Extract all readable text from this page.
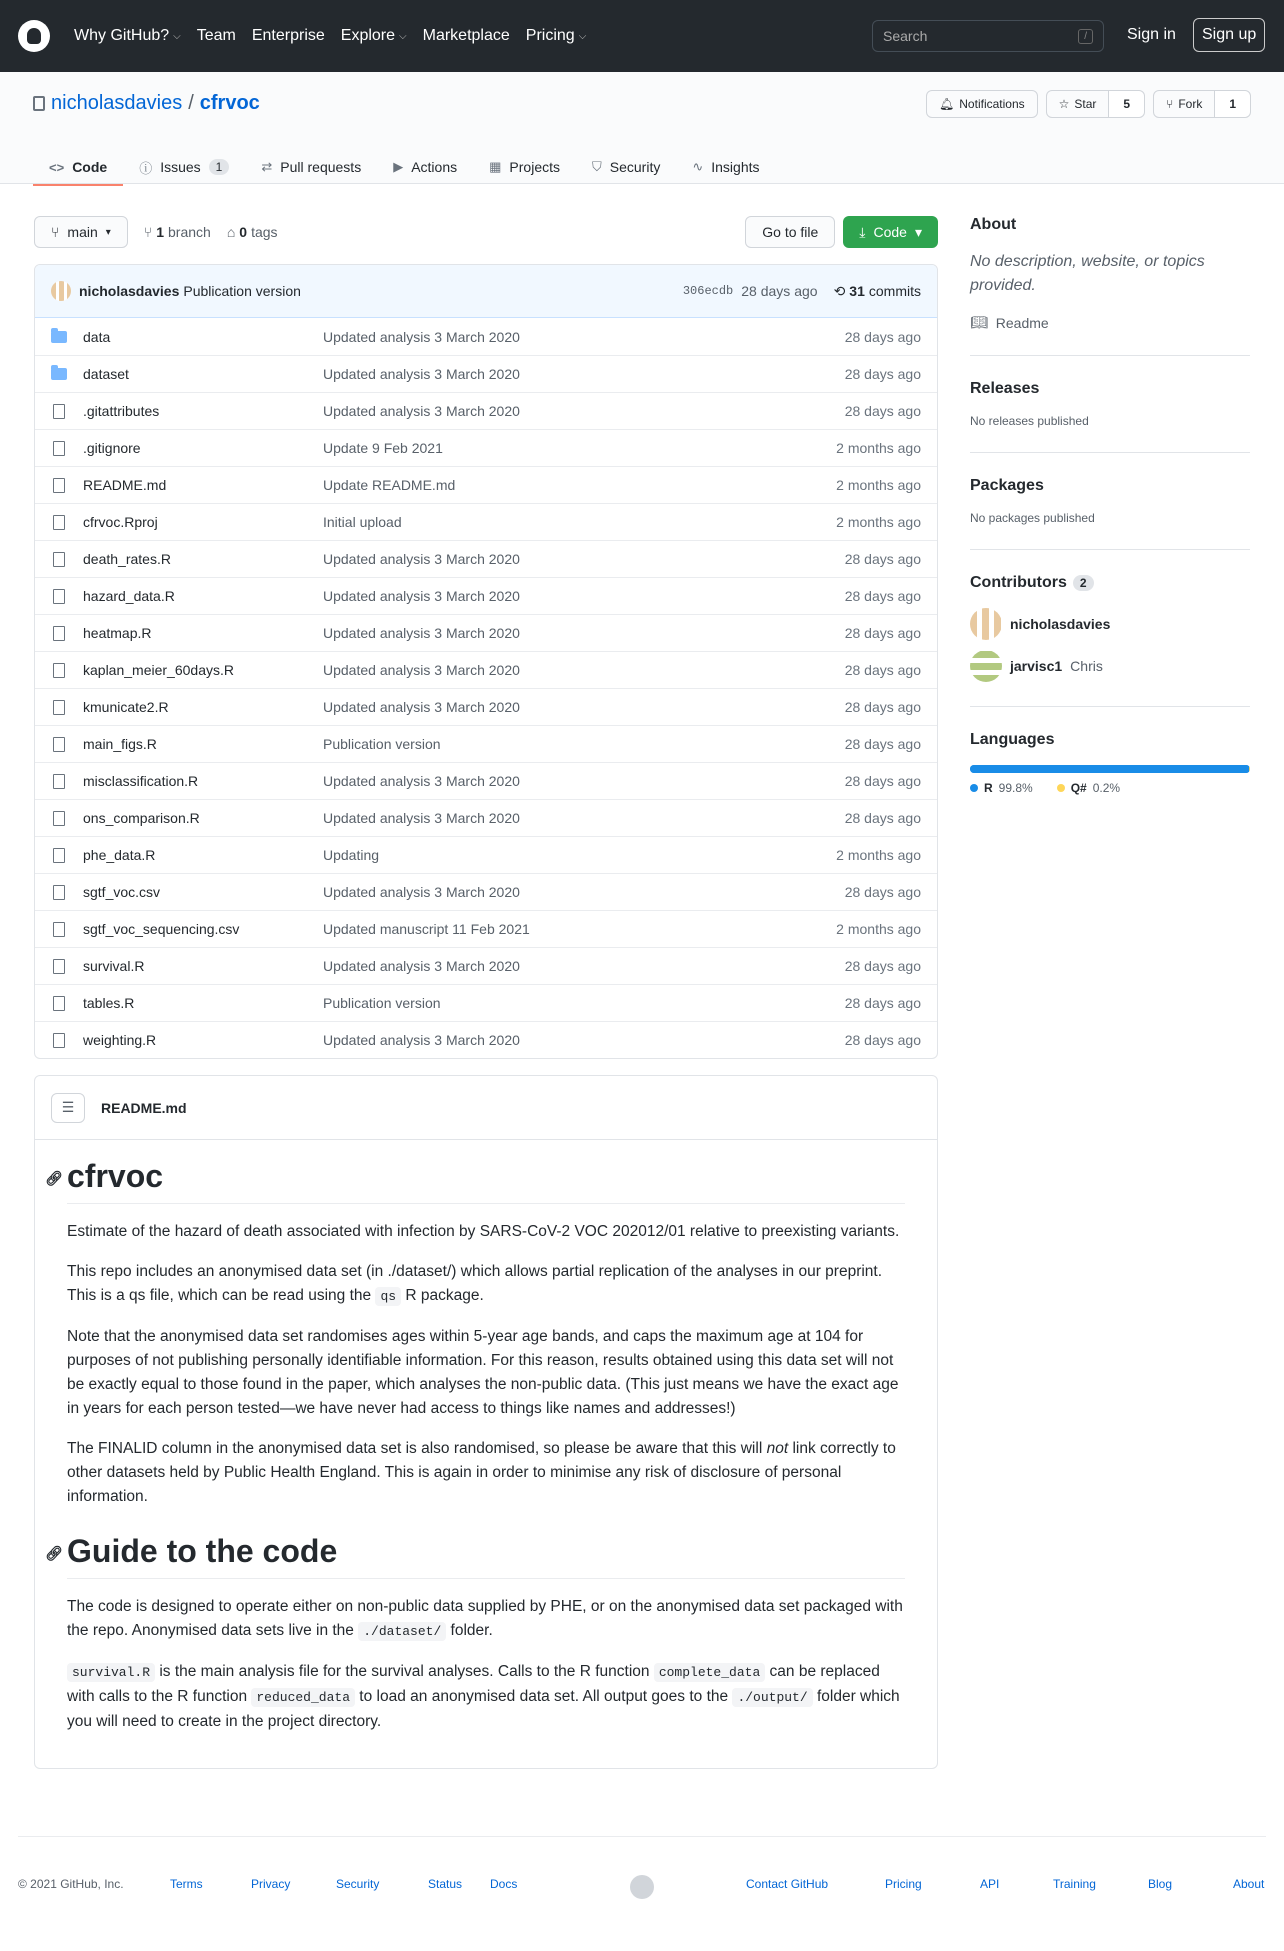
Why GitHub? ⌵ Team Enterprise Explore ⌵ Marketplace Pricing ⌵	Search	/	Sign in	Sign up
nicholasdavies / cfrvoc	🔔︎ Notifications	☆ Star	5	⑂ Fork	1
<> Code ⓘ Issues	1	⇄ Pull requests ▶ Actions ▦ Projects ⛉ Security ∿ Insights
⑂ main ▾ ⑂ 1 branch ⌂ 0 tags	Go to file	⤓ Code ▾
nicholasdavies Publication version	306ecdb 28 days ago ⟲ 31 commits
data	Updated analysis 3 March 2020	28 days ago
dataset	Updated analysis 3 March 2020	28 days ago
.gitattributes	Updated analysis 3 March 2020	28 days ago
.gitignore	Update 9 Feb 2021	2 months ago
README.md	Update README.md	2 months ago
cfrvoc.Rproj	Initial upload	2 months ago
death_rates.R	Updated analysis 3 March 2020	28 days ago
hazard_data.R	Updated analysis 3 March 2020	28 days ago
heatmap.R	Updated analysis 3 March 2020	28 days ago
kaplan_meier_60days.R	Updated analysis 3 March 2020	28 days ago
kmunicate2.R	Updated analysis 3 March 2020	28 days ago
main_figs.R	Publication version	28 days ago
misclassification.R	Updated analysis 3 March 2020	28 days ago
ons_comparison.R	Updated analysis 3 March 2020	28 days ago
phe_data.R	Updating	2 months ago
sgtf_voc.csv	Updated analysis 3 March 2020	28 days ago
sgtf_voc_sequencing.csv	Updated manuscript 11 Feb 2021	2 months ago
survival.R	Updated analysis 3 March 2020	28 days ago
tables.R	Publication version	28 days ago
weighting.R	Updated analysis 3 March 2020	28 days ago
☰ README.md
🔗︎ cfrvoc

Estimate of the hazard of death associated with infection by SARS-CoV-2 VOC 202012/01 relative to preexisting variants.

This repo includes an anonymised data set (in ./dataset/) which allows partial replication of the analyses in our preprint. This is a qs file, which can be read using the qs R package.

Note that the anonymised data set randomises ages within 5-year age bands, and caps the maximum age at 104 for purposes of not publishing personally identifiable information. For this reason, results obtained using this data set will not be exactly equal to those found in the paper, which analyses the non-public data. (This just means we have the exact age in years for each person tested—we have never had access to things like names and addresses!)

The FINALID column in the anonymised data set is also randomised, so please be aware that this will not link correctly to other datasets held by Public Health England. This is again in order to minimise any risk of disclosure of personal information.

🔗︎ Guide to the code

The code is designed to operate either on non-public data supplied by PHE, or on the anonymised data set packaged with the repo. Anonymised data sets live in the ./dataset/ folder.

survival.R is the main analysis file for the survival analyses. Calls to the R function complete_data can be replaced with calls to the R function reduced_data to load an anonymised data set. All output goes to the ./output/ folder which you will need to create in the project directory.

About

No description, website, or topics provided.

📖︎ Readme
Releases
No releases published
Packages
No packages published
Contributors	2
nicholasdavies
jarvisc1 Chris
Languages
R 99.8%	Q# 0.2%
© 2021 GitHub, Inc.	Terms	Privacy	Security	Status Docs	Contact GitHub	Pricing	API	Training	Blog	About
